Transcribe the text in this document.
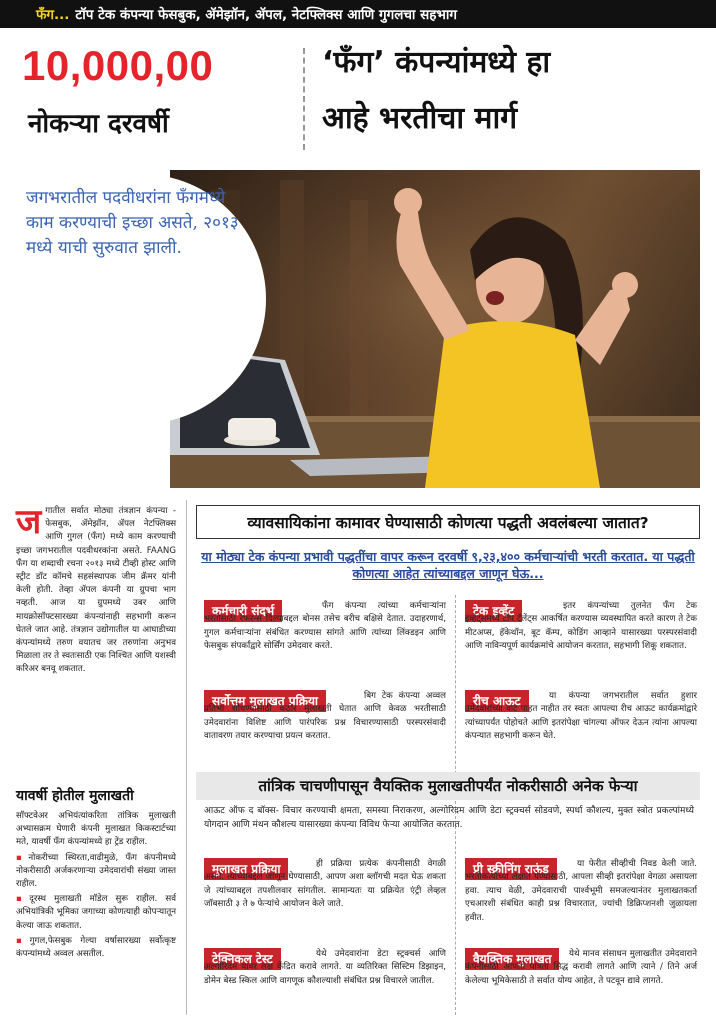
फँग... टॉप टेक कंपन्या फेसबुक, ॲमेझॉन, ॲपल, नेटफ्लिक्स आणि गुगलचा सहभाग
10,000,00
नोकऱ्या दरवर्षी
‘फँग’ कंपन्यांमध्ये हा
आहे भरतीचा मार्ग
जगभरातील पदवीधरांना फँगमध्ये काम करण्याची इच्छा असते, २०१३ मध्ये याची सुरुवात झाली.
ज गातील सर्वात मोठ्या तंत्रज्ञान कंपन्या - फेसबुक, ॲमेझॉन, ॲपल नेटफ्लिक्स आणि गुगल (फँग) मध्ये काम करण्याची इच्छा जगभरातील पदवीधरकांना असते. FAANG फँग या शब्दाची रचना २०१३ मध्ये टीव्ही होस्ट आणि स्ट्रीट डॉट कॉमचे सहसंस्थापक जीम क्रॅमर यांनी केली होती. तेव्हा ॲपल कंपनी या ग्रुपचा भाग नव्हती. आज या ग्रुपमध्ये उबर आणि मायक्रोसॉफ्टसारख्या कंपन्यांनाही सहभागी करून घेतले जात आहे. तंत्रज्ञान उद्योगातील या आघाडीच्या कंपन्यांमध्ये तरुण वयातच जर तरुणांना अनुभव मिळाला तर ते स्वतःसाठी एक निश्चित आणि यशस्वी करिअर बनवू शकतात.
यावर्षी होतील मुलाखती
सॉफ्टवेअर अभियंत्यांकरिता तांत्रिक मुलाखती अभ्यासक्रम घेणारी कंपनी मुलाखत किकस्टार्टच्या मते, यावर्षी फँग कंपन्यांमध्ये हा ट्रेंड राहील.
▪ नोकरीच्या स्थिरता,वाढीमुळे, फँग कंपनीमध्ये नोकरीसाठी अर्जकरणाऱ्या उमेदवारांची संख्या जास्त राहील.
▪ दूरस्थ मुलाखती मॉडेल सुरू राहील. सर्व अभियांत्रिकी भूमिका जगाच्या कोणत्याही कोपऱ्यातून केल्या जाऊ शकतात.
▪ गुगल,फेसबुक गेल्या वर्षासारख्या सर्वोत्कृष्ट कंपन्यांमध्ये अव्वल असतील.
व्यावसायिकांना कामावर घेण्यासाठी कोणत्या पद्धती अवलंबल्या जातात?
या मोठ्या टेक कंपन्या प्रभावी पद्धतींचा वापर करून दरवर्षी ९,२३,४०० कर्मचाऱ्यांची भरती करतात. या पद्धती कोणत्या आहेत त्यांच्याबद्दल जाणून घेऊ...
कर्मचारी संदर्भ	फँग कंपन्या त्यांच्या कर्मचाऱ्यांना भरतीसाठी रेफरन्स दिल्याबद्दल बोनस तसेच बरीच बक्षिसे देतात. उदाहरणार्थ, गुगल कर्मचाऱ्यांना संबंधित करण्यास सांगते आणि त्यांच्या लिंक्डइन आणि फेसबुक संपर्कांद्वारे सोर्सिंग उमेदवार करते.
टेक इव्हेंट	इतर कंपन्यांच्या तुलनेत फँग टेक इव्हेंट्समध्ये टॉप टॅलेंट्स आकर्षित करण्यास व्यवस्थापित करते कारण ते टेक मीटअप्स, हॅकेथॉन, बूट कॅम्प, कोडिंग आव्हाने यासारख्या परस्परसंवादी आणि नाविन्यपूर्ण कार्यक्रमांचे आयोजन करतात, सहभागी शिकू शकतात.
सर्वोत्तम मुलाखत प्रक्रिया	बिग टेक कंपन्या अव्वल प्रतिभा शोधण्यासाठी कठोर मुलाखती घेतात आणि केवळ भरतीसाठी उमेदवारांना विशिष्ट आणि पारंपरिक प्रश्न विचारण्यासाठी परस्परसंवादी वातावरण तयार करण्याचा प्रयत्न करतात.
रीच आऊट	या कंपन्या जगभरातील सर्वात हुशार उमेदवारांच्या वाट पाहत नाहीत तर स्वतः आपल्या रीच आऊट कार्यक्रमांद्वारे त्यांच्यापर्यंत पोहोचते आणि इतरांपेक्षा चांगल्या ऑफर देऊन त्यांना आपल्या कंपन्यात सहभागी करून घेते.
तांत्रिक चाचणीपासून वैयक्तिक मुलाखतीपर्यंत नोकरीसाठी अनेक फेऱ्या
आऊट ऑफ द बॉक्स- विचार करण्याची क्षमता, समस्या निराकरण, अल्गोरिदम आणि डेटा स्ट्रक्चर्स सोडवणे, स्पर्धा कौशल्य, मुक्त स्त्रोत प्रकल्पांमध्ये योगदान आणि मंथन कौशल्य यासारख्या कंपन्या विविध फेऱ्या आयोजित करतात.
मुलाखत प्रक्रिया	ही प्रक्रिया प्रत्येक कंपनीसाठी वेगळी असते. त्यांच्याबद्दल जाणून घेण्यासाठी, आपण अशा ब्लॉगची मदत घेऊ शकता जे त्यांच्याबद्दल तपशीलवार सांगतील. सामान्यतः या प्रक्रियेत एंट्री लेव्हल जॉबसाठी ३ ते ७ फेऱ्यांचे आयोजन केले जाते.
प्री स्क्रीनिंग राऊंड	या फेरीत सीव्हीची निवड केली जाते. भरतीकर्त्यांच्या लक्षात येण्यासाठी, आपला सीव्ही इतरांपेक्षा वेगळा असायला हवा. त्याच वेळी, उमेदवाराची पार्श्वभूमी समजल्यानंतर मुलाखतकर्ता एचआरशी संबंधित काही प्रश्न विचारतात, ज्यांची डिक्रिप्शनशी जुळायला हवीत.
टेक्निकल टेस्ट	येथे उमेदवारांना डेटा स्ट्रक्चर्स आणि अल्गोरिदम यावर लक्ष केंद्रित करावे लागते. या व्यतिरिक्त सिस्टिम डिझाइन, डोमेन बेस्ड स्किल आणि वागणूक कौशल्याशी संबंधित प्रश्न विचारले जातील.
वैयक्तिक मुलाखत	येथे मानव संसाधन मुलाखतीत उमेदवाराने कंपनीसाठी आपली पात्रता सिद्ध करावी लागते आणि त्याने / तिने अर्ज केलेल्या भूमिकेसाठी ते सर्वात योग्य आहेत, ते पटवून द्यावे लागते.
